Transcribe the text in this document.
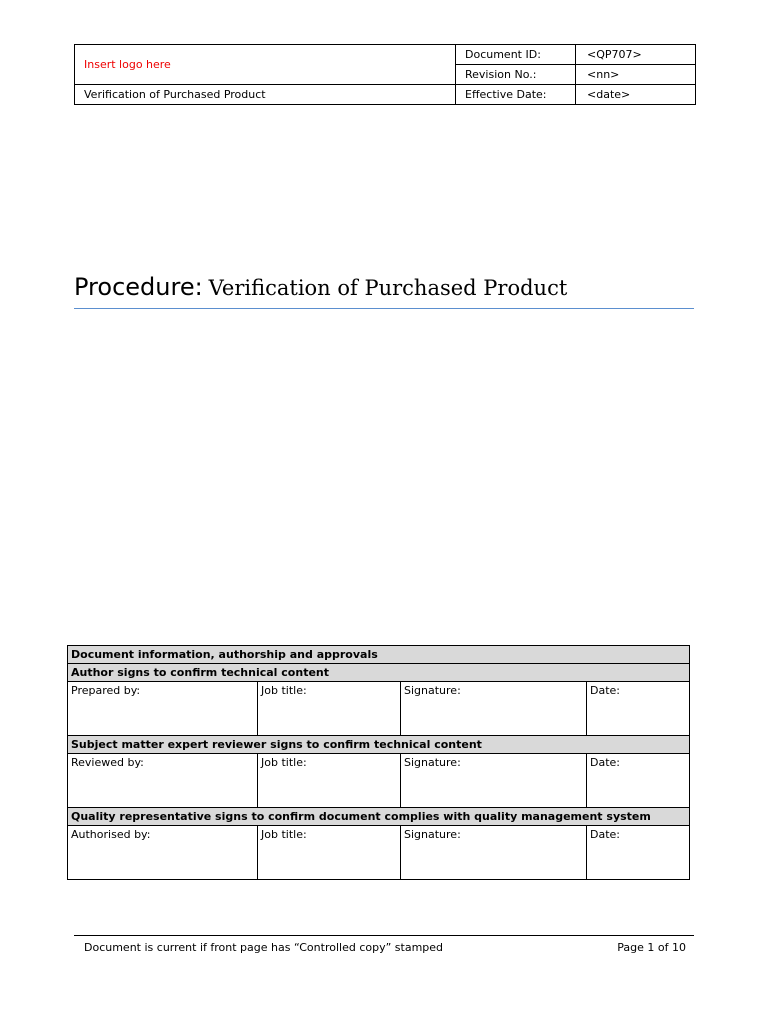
Insert logo here	Document ID:	<QP707>
	Revision No.:	<nn>
Verification of Purchased Product	Effective Date:	<date>
Procedure: Verification of Purchased Product
Document information, authorship and approvals			
Author signs to confirm technical content			
Prepared by:	Job title:	Signature:	Date:
Subject matter expert reviewer signs to confirm technical content			
Reviewed by:	Job title:	Signature:	Date:
Quality representative signs to confirm document complies with quality management system			
Authorised by:	Job title:	Signature:	Date:
Document is current if front page has “Controlled copy” stamped	Page 1 of 10
